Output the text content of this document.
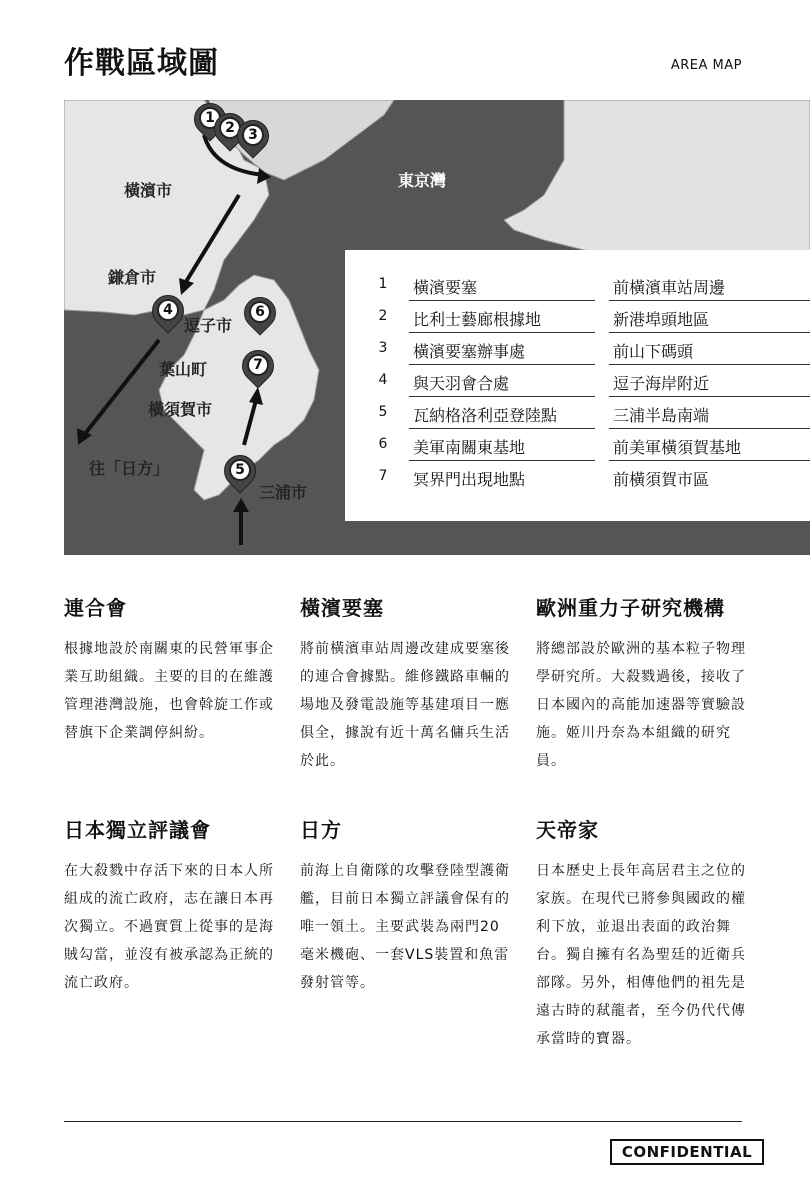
作戰區域圖	AREA MAP
東京灣
橫濱市
鎌倉市
逗子市
葉山町
橫須賀市
三浦市
往「日方」
1
2 3
4
5
6
7
1	橫濱要塞	前橫濱車站周邊
2	比利士藝廊根據地	新港埠頭地區
3	橫濱要塞辦事處	前山下碼頭
4	與天羽會合處	逗子海岸附近
5	瓦納格洛利亞登陸點	三浦半島南端
6	美軍南關東基地	前美軍橫須賀基地
7	冥界門出現地點	前橫須賀市區
連合會

根據地設於南關東的民營軍事企業互助組織。主要的目的在維護管理港灣設施，也會斡旋工作或替旗下企業調停糾紛。

橫濱要塞

將前橫濱車站周邊改建成要塞後的連合會據點。維修鐵路車輛的場地及發電設施等基建項目一應俱全，據說有近十萬名傭兵生活於此。

歐洲重力子研究機構

將總部設於歐洲的基本粒子物理學研究所。大殺戮過後，接收了日本國內的高能加速器等實驗設施。姬川丹奈為本組織的研究員。

日本獨立評議會

在大殺戮中存活下來的日本人所組成的流亡政府，志在讓日本再次獨立。不過實質上從事的是海賊勾當，並沒有被承認為正統的流亡政府。

日方

前海上自衛隊的攻擊登陸型護衛艦，目前日本獨立評議會保有的唯一領土。主要武裝為兩門20毫米機砲、一套VLS裝置和魚雷發射管等。

天帝家

日本歷史上長年高居君主之位的家族。在現代已將參與國政的權利下放，並退出表面的政治舞台。獨自擁有名為聖廷的近衛兵部隊。另外，相傳他們的祖先是遠古時的弒龍者，至今仍代代傳承當時的寶器。

CONFIDENTIAL
